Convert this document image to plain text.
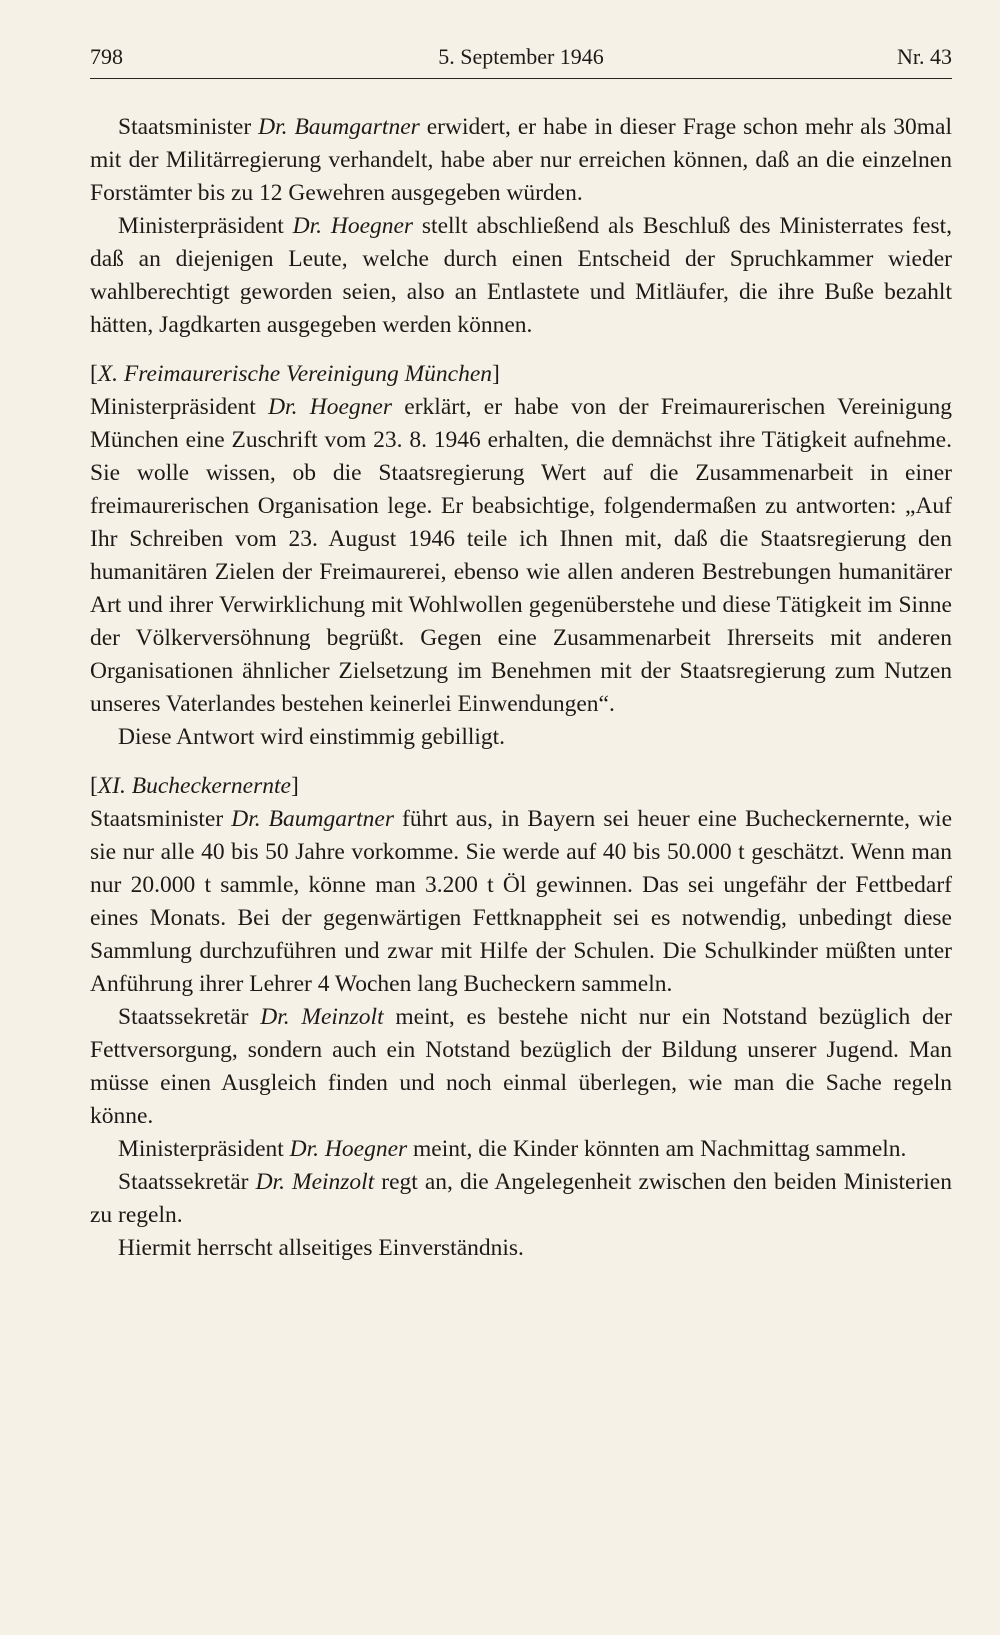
798	5. September 1946	Nr. 43

Staatsminister Dr. Baumgartner erwidert, er habe in dieser Frage schon mehr als 30mal mit der Militärregierung verhandelt, habe aber nur erreichen können, daß an die einzelnen Forstämter bis zu 12 Gewehren ausgegeben würden.

Ministerpräsident Dr. Hoegner stellt abschließend als Beschluß des Ministerrates fest, daß an diejenigen Leute, welche durch einen Entscheid der Spruchkammer wieder wahlberechtigt geworden seien, also an Entlastete und Mitläufer, die ihre Buße bezahlt hätten, Jagdkarten ausgegeben werden können.

[X. Freimaurerische Vereinigung München]

Ministerpräsident Dr. Hoegner erklärt, er habe von der Freimaurerischen Vereinigung München eine Zuschrift vom 23. 8. 1946 erhalten, die demnächst ihre Tätigkeit aufnehme. Sie wolle wissen, ob die Staatsregierung Wert auf die Zusammenarbeit in einer freimaurerischen Organisation lege. Er beabsichtige, folgendermaßen zu antworten: „Auf Ihr Schreiben vom 23. August 1946 teile ich Ihnen mit, daß die Staatsregierung den humanitären Zielen der Freimaurerei, ebenso wie allen anderen Bestrebungen humanitärer Art und ihrer Verwirklichung mit Wohlwollen gegenüberstehe und diese Tätigkeit im Sinne der Völkerversöhnung begrüßt. Gegen eine Zusammenarbeit Ihrerseits mit anderen Organisationen ähnlicher Zielsetzung im Benehmen mit der Staatsregierung zum Nutzen unseres Vaterlandes bestehen keinerlei Einwendungen“.

Diese Antwort wird einstimmig gebilligt.

[XI. Bucheckernernte]

Staatsminister Dr. Baumgartner führt aus, in Bayern sei heuer eine Bucheckernernte, wie sie nur alle 40 bis 50 Jahre vorkomme. Sie werde auf 40 bis 50.000 t geschätzt. Wenn man nur 20.000 t sammle, könne man 3.200 t Öl gewinnen. Das sei ungefähr der Fettbedarf eines Monats. Bei der gegenwärtigen Fettknappheit sei es notwendig, unbedingt diese Sammlung durchzuführen und zwar mit Hilfe der Schulen. Die Schulkinder müßten unter Anführung ihrer Lehrer 4 Wochen lang Bucheckern sammeln.

Staatssekretär Dr. Meinzolt meint, es bestehe nicht nur ein Notstand bezüglich der Fettversorgung, sondern auch ein Notstand bezüglich der Bildung unserer Jugend. Man müsse einen Ausgleich finden und noch einmal überlegen, wie man die Sache regeln könne.

Ministerpräsident Dr. Hoegner meint, die Kinder könnten am Nachmittag sammeln.

Staatssekretär Dr. Meinzolt regt an, die Angelegenheit zwischen den beiden Ministerien zu regeln.

Hiermit herrscht allseitiges Einverständnis.
